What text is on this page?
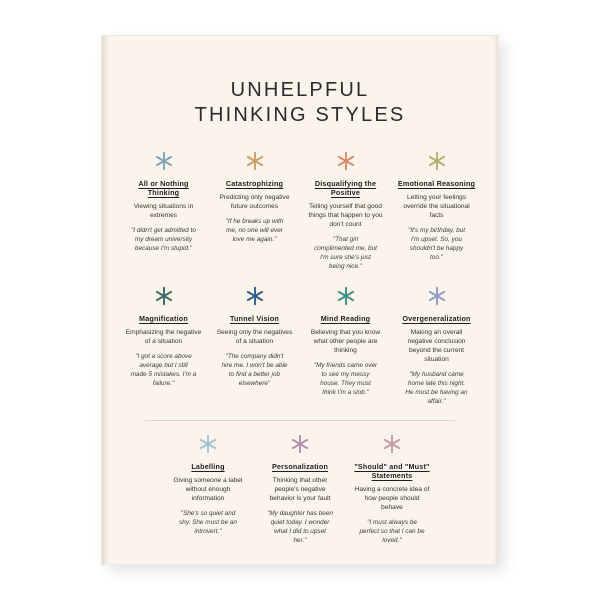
UNHELPFUL
THINKING STYLES
All or Nothing Thinking
Viewing situations in extremes
"I didn't get admitted to my dream university because I'm stupid."
Catastrophizing
Predicting only negative future outcomes
"If he breaks up with me, no one will ever love me again."
Disqualifying the Positive
Telling yourself that good things that happen to you don't count
"That girl complimented me, but I'm sure she's just being nice."
Emotional Reasoning
Letting your feelings override the situational facts
"It's my birthday, but I'm upset. So, you shouldn't be happy too."
Magnification
Emphasizing the negative of a situation
"I got a score above average but I still made 5 mistakes. I'm a failure."
Tunnel Vision
Seeing only the negatives of a situation
"The company didn't hire me. I won't be able to find a better job elsewhere"
Mind Reading
Believing that you know what other people are thinking
"My friends came over to see my messy house. They must think I'm a slob."
Overgeneralization
Making an overall negative conclusion beyond the current situation
"My husband came home late this night. He must be having an affair."
Labelling
Giving someone a label without enough information
"She's so quiet and shy. She must be an introvert."
Personalization
Thinking that other people's negative behavior is your fault
"My daughter has been quiet today. I wonder what I did to upset her."
"Should" and "Must" Statements
Having a concrete idea of how people should behave
"I must always be perfect so that I can be loved."
